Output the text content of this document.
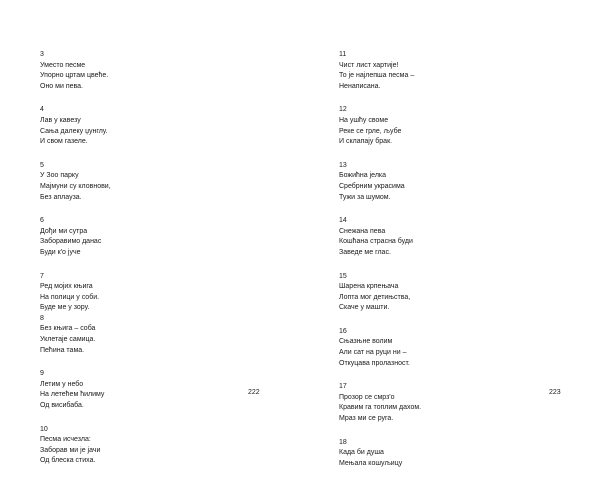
3
Уместо песме
Упорно цртам цвеће.
Оно ми пева.
4
Лав у кавезу
Сања далеку џунглу.
И свом газеле.
5
У Зоо парку
Мајмуни су кловнови,
Без аплауза.
6
Дођи ми сутра
Заборавимо данас
Буди к'о јуче
7
Ред мојих књига
На полици у соби.
Буде ме у зору.
8
Без књига – соба
Уклетаје самица.
Пећина тама.
9
Летим у небо
На летећем ћилиму
Од висибаба.
10
Песма исчезла:
Заборав ми је јачи
Од блеска стиха.
222
11
Чист лист хартије!
То је најлепша песма –
Ненаписана.
12
На ушћу своме
Реке се грле, љубе
И склапају брак.
13
Божићна јелка
Сребрним украсима
Тужи за шумом.
14
Снежана пева
Кошћана страсна буди
Заведе ме глас.
15
Шарена крпењача
Лопта мог детињства,
Скаче у машти.
16
Сњазњне волим
Али сат на руци ни –
Откуцава пролазност.
17
Прозор се смрз'о
Кравим га топлим дахом.
Мраз ми се руга.
18
Када би душа
Мењала кошуљицу
223
